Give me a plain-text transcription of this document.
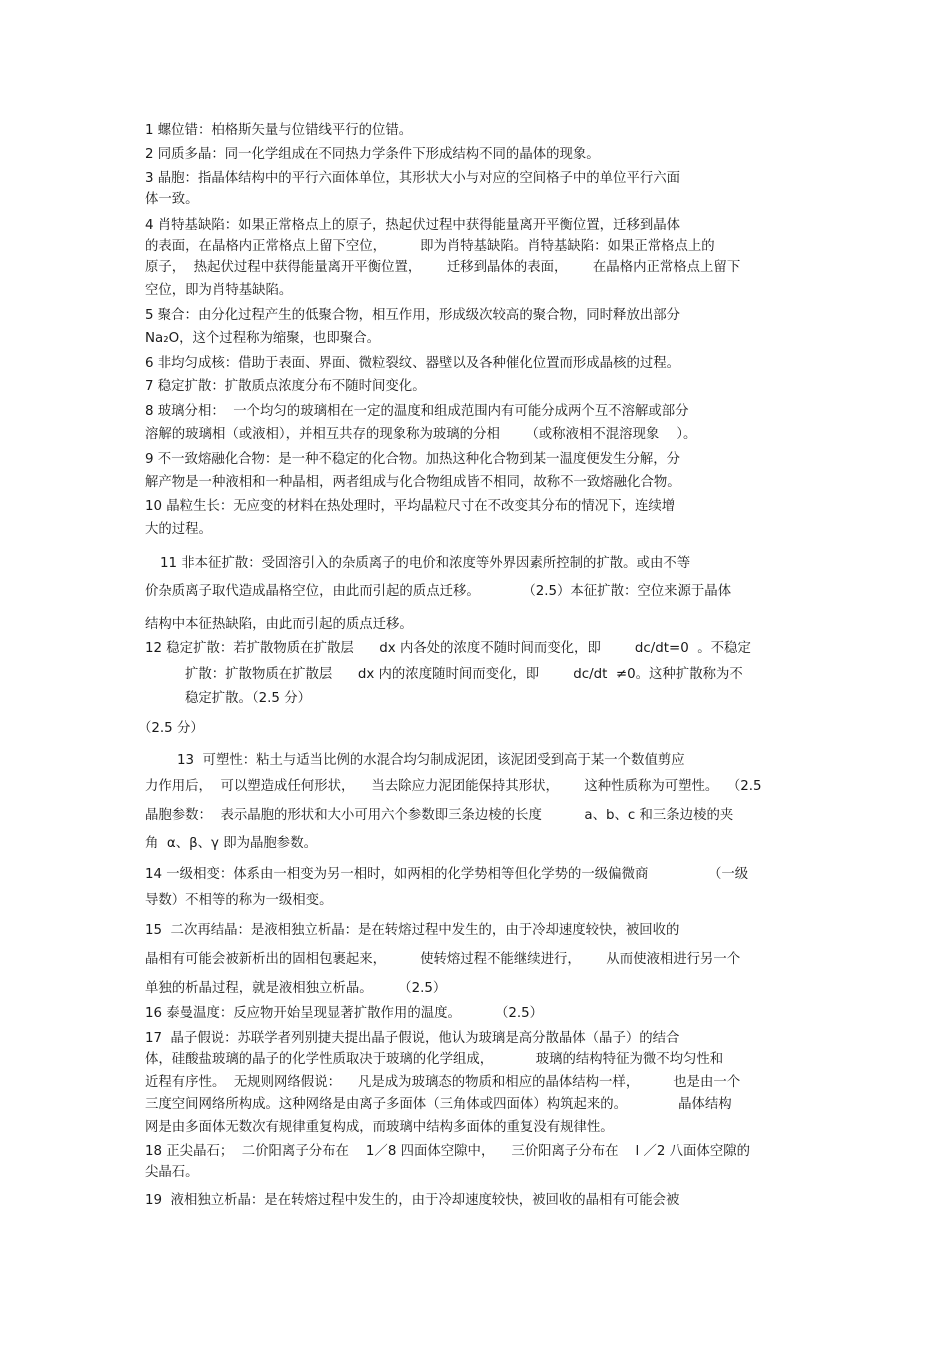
1 螺位错：柏格斯矢量与位错线平行的位错。

2 同质多晶：同一化学组成在不同热力学条件下形成结构不同的晶体的现象。

3 晶胞：指晶体结构中的平行六面体单位，其形状大小与对应的空间格子中的单位平行六面

体一致。

4 肖特基缺陷：如果正常格点上的原子，热起伏过程中获得能量离开平衡位置，迁移到晶体

的表面，在晶格内正常格点上留下空位，        即为肖特基缺陷。肖特基缺陷：如果正常格点上的

原子，  热起伏过程中获得能量离开平衡位置，      迁移到晶体的表面，      在晶格内正常格点上留下

空位，即为肖特基缺陷。

5 聚合：由分化过程产生的低聚合物，相互作用，形成级次较高的聚合物，同时释放出部分

Na₂O，这个过程称为缩聚，也即聚合。

6 非均匀成核：借助于表面、界面、微粒裂纹、器壁以及各种催化位置而形成晶核的过程。

7 稳定扩散：扩散质点浓度分布不随时间变化。

8 玻璃分相：  一个均匀的玻璃相在一定的温度和组成范围内有可能分成两个互不溶解或部分

溶解的玻璃相（或液相），并相互共存的现象称为玻璃的分相      （或称液相不混溶现象    ）。

9 不一致熔融化合物：是一种不稳定的化合物。加热这种化合物到某一温度便发生分解，分

解产物是一种液相和一种晶相，两者组成与化合物组成皆不相同，故称不一致熔融化合物。

10 晶粒生长：无应变的材料在热处理时，平均晶粒尺寸在不改变其分布的情况下，连续增

大的过程。

11 非本征扩散：受固溶引入的杂质离子的电价和浓度等外界因素所控制的扩散。或由不等

价杂质离子取代造成晶格空位，由此而引起的质点迁移。          （2.5）本征扩散：空位来源于晶体

结构中本征热缺陷，由此而引起的质点迁移。

12 稳定扩散：若扩散物质在扩散层      dx 内各处的浓度不随时间而变化，即        dc/dt=0  。不稳定

扩散：扩散物质在扩散层      dx 内的浓度随时间而变化，即        dc/dt  ≠0。这种扩散称为不

稳定扩散。（2.5 分）

（2.5 分）

13  可塑性：粘土与适当比例的水混合均匀制成泥团，该泥团受到高于某一个数值剪应

力作用后，  可以塑造成任何形状，    当去除应力泥团能保持其形状，      这种性质称为可塑性。  （2.5

晶胞参数：  表示晶胞的形状和大小可用六个参数即三条边棱的长度          a、b、c 和三条边棱的夹

角  α、β、γ 即为晶胞参数。

14 一级相变：体系由一相变为另一相时，如两相的化学势相等但化学势的一级偏微商              （一级

导数）不相等的称为一级相变。

15  二次再结晶：是液相独立析晶：是在转熔过程中发生的，由于冷却速度较快，被回收的

晶相有可能会被新析出的固相包裹起来，        使转熔过程不能继续进行，      从而使液相进行另一个

单独的析晶过程，就是液相独立析晶。      （2.5）

16 泰曼温度：反应物开始呈现显著扩散作用的温度。        （2.5）

17  晶子假说：苏联学者列别捷夫提出晶子假说，他认为玻璃是高分散晶体（晶子）的结合

体，硅酸盐玻璃的晶子的化学性质取决于玻璃的化学组成，          玻璃的结构特征为微不均匀性和

近程有序性。  无规则网络假说：    凡是成为玻璃态的物质和相应的晶体结构一样，        也是由一个

三度空间网络所构成。这种网络是由离子多面体（三角体或四面体）构筑起来的。            晶体结构

网是由多面体无数次有规律重复构成，而玻璃中结构多面体的重复没有规律性。

18 正尖晶石；  二价阳离子分布在    1／8 四面体空隙中，    三价阳离子分布在    l ／2 八面体空隙的

尖晶石。

19  液相独立析晶：是在转熔过程中发生的，由于冷却速度较快，被回收的晶相有可能会被
